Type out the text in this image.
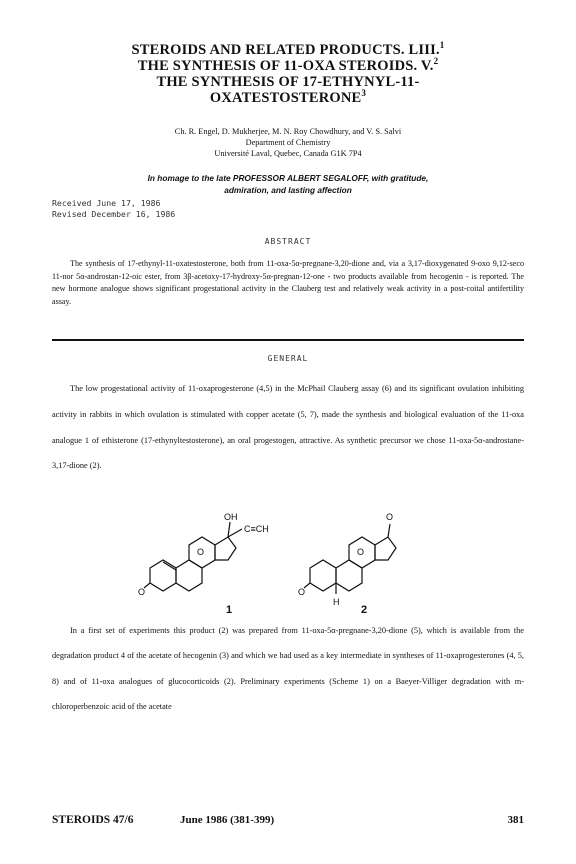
STEROIDS AND RELATED PRODUCTS. LIII.$^1$
THE SYNTHESIS OF 11-OXA STEROIDS. V.$^2$
THE SYNTHESIS OF 17-ETHYNYL-11-
OXATESTOSTERONE$^3$
Ch. R. Engel, D. Mukherjee, M. N. Roy Chowdhury, and V. S. Salvi
Department of Chemistry
Université Laval, Quebec, Canada G1K 7P4
In homage to the late PROFESSOR ALBERT SEGALOFF, with gratitude,
admiration, and lasting affection
Received June 17, 1986
Revised December 16, 1986
ABSTRACT

The synthesis of 17-ethynyl-11-oxatestosterone, both from 11-oxa-5α-pregnane-3,20-dione and, via a 3,17-dioxygenated 9-oxo 9,12-seco 11-nor 5α-androstan-12-oic ester, from 3β-acetoxy-17-hydroxy-5α-pregnan-12-one - two products available from hecogenin - is reported. The new hormone analogue shows significant progestational activity in the Clauberg test and relatively weak activity in a post-coital antifertility assay.

GENERAL

The low progestational activity of 11-oxaprogesterone (4,5) in the McPhail Clauberg assay (6) and its significant ovulation inhibiting activity in rabbits in which ovulation is stimulated with copper acetate (5, 7), made the synthesis and biological evaluation of the 11-oxa analogue 1 of ethisterone (17-ethynyltestosterone), an oral progestogen, attractive. As synthetic precursor we chose 11-oxa-5α-androstane-3,17-dione (2).

OH
C≡CH
O
O
O
O
O
H
1	2

In a first set of experiments this product (2) was prepared from 11-oxa-5α-pregnane-3,20-dione (5), which is available from the degradation product 4 of the acetate of hecogenin (3) and which we had used as a key intermediate in syntheses of 11-oxaprogesterones (4, 5, 8) and of 11-oxa analogues of glucocorticoids (2). Preliminary experiments (Scheme 1) on a Baeyer-Villiger degradation with m-chloroperbenzoic acid of the acetate

STEROIDS 47/6	June 1986 (381-399)	381
